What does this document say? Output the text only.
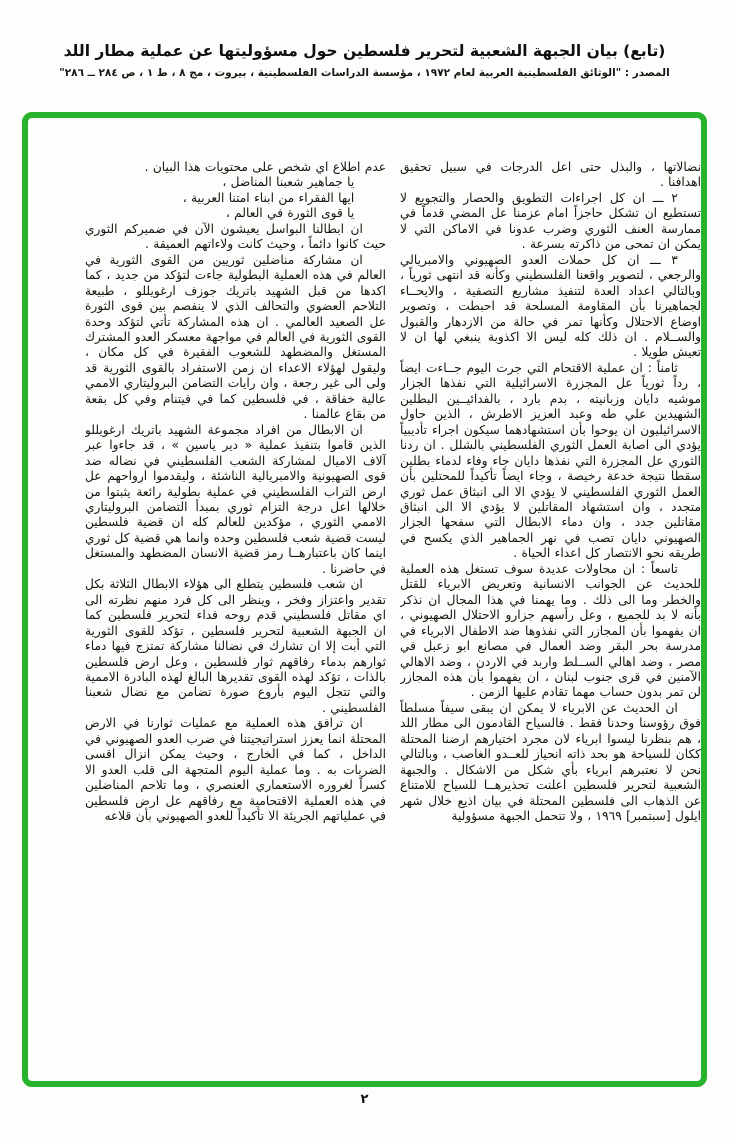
(تابع) بيان الجبهة الشعبية لتحرير فلسطين حول مسؤوليتها عن عملية مطار اللد

المصدر : "الوثائق الفلسطينية العربية لعام ١٩٧٢ ، مؤسسة الدراسات الفلسطينية ، بيروت ، مج ٨ ، ط ١ ، ص ٢٨٤ ــ ٢٨٦"

نضالاتها ، والبذل حتى اعل الدرجات في سبيل تحقيق اهدافنا .

٢ ـــ ان كل اجراءات التطويق والحصار والتجويع لا تستطيع ان تشكل حاجزاً امام عزمنا عل المضي قدماً في ممارسة العنف الثوري وضرب عدونا في الاماكن التي لا يمكن ان تمحى من ذاكرته بسرعة .

٣ ـــ ان كل حملات العدو الصهيوني والامبريالي والرجعي ، لتصوير واقعنا الفلسطيني وكأنه قد انتهى ثورياً ، وبالتالي اعداد العدة لتنفيذ مشاريع التصفية ، والايحــاء لجماهيرنا بأن المقاومة المسلحة قد احبطت ، وتصوير اوضاع الاحتلال وكأنها تمر في حالة من الازدهار والقبول والســلام . ان ذلك كله ليس الا اكذوبة ينبغي لها ان لا تعيش طويلا .

ثامناً : ان عملية الاقتحام التي جرت اليوم جــاءت ايضاً ، رداً ثورياً عل المجزرة الاسرائيلية التي نفذها الجزار موشيه دايان وزبانيته ، بدم بارد ، بالفدائيــين البطلين الشهيدين علي طه وعبد العزيز الاطرش ، الذين حاول الاسرائيليون ان يوحوا بأن استشهادهما سيكون اجراء تأديبياً يؤدي الى اصابة العمل الثوري الفلسطيني بالشلل . ان ردنا الثوري عل المجزرة التي نفذها دايان جاء وفاء لدماء بطلين سقطا نتيجة خدعة رخيصة ، وجاء ايضاً تأكيداً للمحتلين بأن العمل الثوري الفلسطيني لا يؤدي الا الى انبثاق عمل ثوري متجدد ، وان استشهاد المقاتلين لا يؤدي الا الى انبثاق مقاتلين جدد ، وان دماء الابطال التي سفحها الجزار الصهيوني دايان تصب في نهر الجماهير الذي يكسح في طريقه نحو الانتصار كل اعداء الحياة .

تاسعاً : ان محاولات عديدة سوف تستغل هذه العملية للحديث عن الجوانب الانسانية وتعريض الابرياء للقتل والخطر وما الى ذلك . وما يهمنا في هذا المجال ان نذكر بأنه لا بد للجميع ، وعل رأسهم جزارو الاحتلال الصهيوني ، ان يفهموا بأن المجازر التي نفذوها ضد الاطفال الابرياء في مدرسة بحر البقر وضد العمال في مصانع ابو زعبل في مصر ، وضد اهالي الســلط واربد في الاردن ، وضد الاهالي الآمنين في قرى جنوب لبنان ، ان يفهموا بأن هذه المجازر لن تمر بدون حساب مهما تقادم عليها الزمن .

ان الحديث عن الابرياء لا يمكن ان يبقى سيفاً مسلطاً فوق رؤوسنا وحدنا فقط . فالسياح القادمون الى مطار اللد ، هم بنظرنا ليسوا ابرياء لان مجرد اختيارهم ارضنا المحتلة ككان للسياحة هو بحد ذاته انحياز للعــدو الغاصب ، وبالتالي نحن لا نعتبرهم ابرياء بأي شكل من الاشكال . والجبهة الشعبية لتحرير فلسطين اعلنت تحذيرهــا للسياح للامتناع عن الذهاب الى فلسطين المحتلة في بيان اذيع خلال شهر ايلول [سبتمبر] ١٩٦٩ ، ولا تتحمل الجبهة مسؤولية

عدم اطلاع اي شخص على محتويات هذا البيان .

يا جماهير شعبنا المناضل ،

ايها الفقراء من ابناء امتنا العربية ،

يا قوى الثورة في العالم ،

ان ابطالنا البواسل يعيشون الآن في ضميركم الثوري حيث كانوا دائماً ، وحيث كانت ولاءاتهم العميقة .

ان مشاركة مناضلين ثوريين من القوى الثورية في العالم في هذه العملية البطولية جاءت لتؤكد من جديد ، كما اكدها من قبل الشهيد باتريك جوزف ارغويللو ، طبيعة التلاحم العضوي والتحالف الذي لا ينفصم بين قوى الثورة عل الصعيد العالمي . ان هذه المشاركة تأتي لتؤكد وحدة القوى الثورية في العالم في مواجهة معسكر العدو المشترك المستغل والمضطهد للشعوب الفقيرة في كل مكان ، وليقول لهؤلاء الاعداء ان زمن الاستفراد بالقوى الثورية قد ولى الى غير رجعة ، وان رايات التضامن البروليتاري الاممي عالية خفاقة ، في فلسطين كما في فيتنام وفي كل بقعة من بقاع عالمنا .

ان الابطال من افراد مجموعة الشهيد باتريك ارغويللو الذين قاموا بتنفيذ عملية « دير ياسين » ، قد جاءوا عبر آلاف الاميال لمشاركة الشعب الفلسطيني في نضاله ضد قوى الصهيونية والامبريالية الناشئة ، وليقدموا ارواحهم عل ارض التراب الفلسطيني في عملية بطولية رائعة يثبتوا من خلالها اعل درجة التزام ثوري بمبدأ التضامن البروليتاري الاممي الثوري ، مؤكدين للعالم كله ان قضية فلسطين ليست قضية شعب فلسطين وحده وانما هي قضية كل ثوري اينما كان باعتبارهــا رمز قضية الانسان المضطهد والمستغل في حاضرنا .

ان شعب فلسطين يتطلع الى هؤلاء الابطال الثلاثة بكل تقدير واعتزاز وفخر ، وينظر الى كل فرد منهم نظرته الى اي مقاتل فلسطيني قدم روحه فداء لتحرير فلسطين كما ان الجبهة الشعبية لتحرير فلسطين ، تؤكد للقوى الثورية التي أبت إلا ان تشارك في نضالنا مشاركة تمتزج فيها دماء ثوارهم بدماء رفاقهم ثوار فلسطين ، وعل ارض فلسطين بالذات ، تؤكد لهذه القوى تقديرها البالغ لهذه البادرة الاممية والتي تتجل اليوم بأروع صورة تضامن مع نضال شعبنا الفلسطيني .

ان ترافق هذه العملية مع عمليات ثوارنا في الارض المحتلة انما يعزز استراتيجيتنا في ضرب العدو الصهيوني في الداخل ، كما في الخارج ، وحيث يمكن انزال اقسى الضربات به . وما عملية اليوم المتجهة الى قلب العدو الا كسراً لغروره الاستعماري العنصري ، وما تلاحم المناضلين في هذه العملية الاقتحامية مع رفاقهم عل ارض فلسطين في عملياتهم الجريئة الا تأكيداً للعدو الصهيوني بأن قلاعه

٢
